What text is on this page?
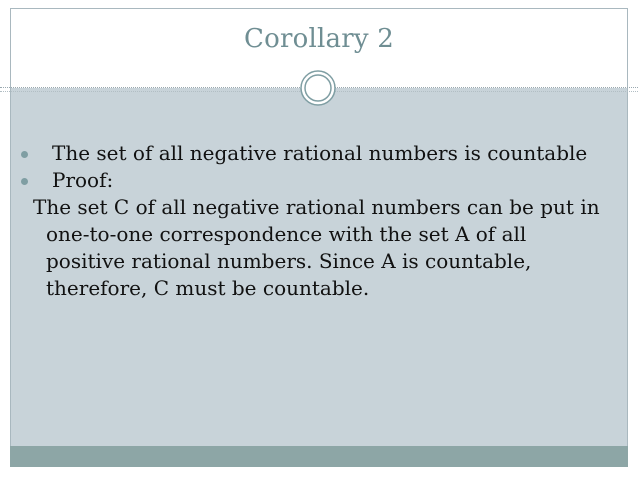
Corollary 2

The set of all negative rational numbers is countable

Proof:

The set C of all negative rational numbers can be put in
one-to-one correspondence with the set A of all
positive rational numbers. Since A is countable,
therefore, C must be countable.
